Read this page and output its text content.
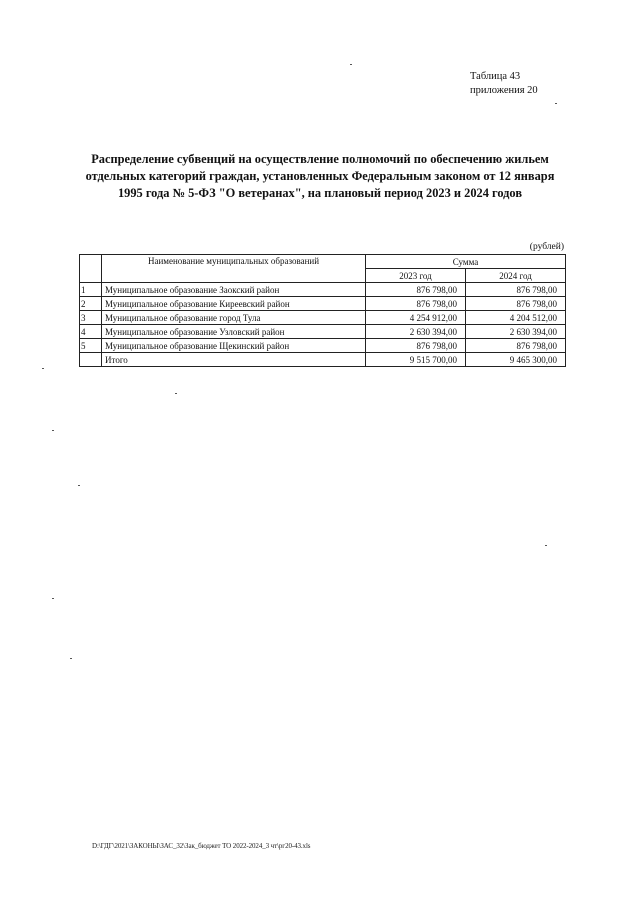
Таблица 43
приложения 20
Распределение субвенций на осуществление полномочий по обеспечению жильем
отдельных категорий граждан, установленных Федеральным законом от 12 января
1995 года № 5-ФЗ "О ветеранах", на плановый период 2023 и 2024 годов
(рублей)
	Наименование муниципальных образований	Сумма	
		2023 год	2024 год
1	Муниципальное образование Заокский район	876 798,00	876 798,00
2	Муниципальное образование Киреевский район	876 798,00	876 798,00
3	Муниципальное образование город Тула	4 254 912,00	4 204 512,00
4	Муниципальное образование Узловский район	2 630 394,00	2 630 394,00
5	Муниципальное образование Щекинский район	876 798,00	876 798,00
	Итого	9 515 700,00	9 465 300,00
D:\ГДГ\2021\ЗАКОНЫ\ЗАС_32\Зак_бюджет ТО 2022-2024_3 чт\рг20-43.xls
